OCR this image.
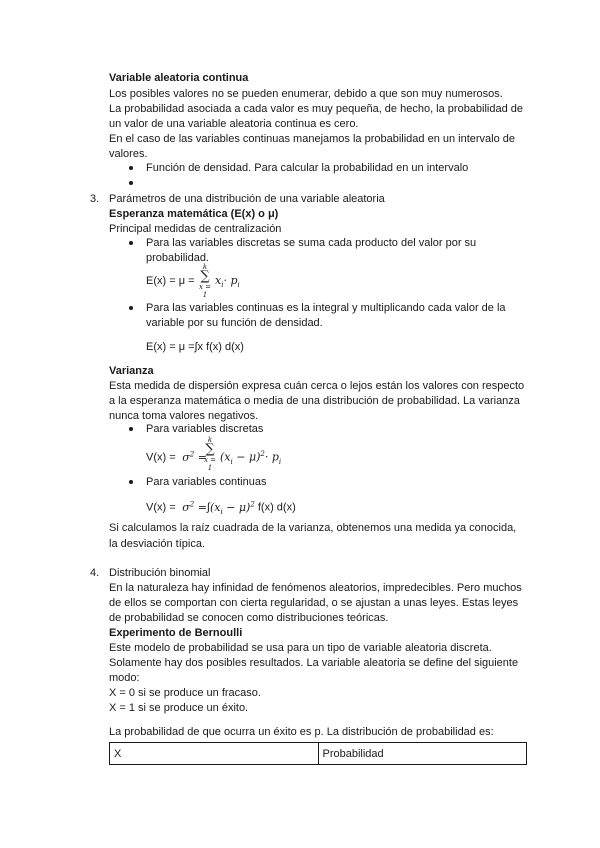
Variable aleatoria continua
Los posibles valores no se pueden enumerar, debido a que son muy numerosos.
La probabilidad asociada a cada valor es muy pequeña, de hecho, la probabilidad de
un valor de una variable aleatoria continua es cero.
En el caso de las variables continuas manejamos la probabilidad en un intervalo de
valores.
Función de densidad. Para calcular la probabilidad en un intervalo
3. Parámetros de una distribución de una variable aleatoria
Esperanza matemática (E(x) o μ)
Principal medidas de centralización
Para las variables discretas se suma cada producto del valor por su
probabilidad.
E(x) = μ =
k
∑
x = 1
$x_i\cdot p_i$
Para las variables continuas es la integral y multiplicando cada valor de la
variable por su función de densidad.
E(x) = μ =∫x f(x) d(x)
Varianza
Esta medida de dispersión expresa cuán cerca o lejos están los valores con respecto
a la esperanza matemática o media de una distribución de probabilidad. La varianza
nunca toma valores negativos.
Para variables discretas
$V(x) = \sigma^2$ =
k
∑
x = 1
$(x_i - \mu)^2\cdot p_i$
Para variables continuas
$V(x) = \sigma^2 =\int(x_i - \mu)^2$ f(x) d(x)
Si calculamos la raíz cuadrada de la varianza, obtenemos una medida ya conocida,
la desviación típica.
4. Distribución binomial
En la naturaleza hay infinidad de fenómenos aleatorios, impredecibles. Pero muchos
de ellos se comportan con cierta regularidad, o se ajustan a unas leyes. Estas leyes
de probabilidad se conocen como distribuciones teóricas.
Experimento de Bernoulli
Este modelo de probabilidad se usa para un tipo de variable aleatoria discreta.
Solamente hay dos posibles resultados. La variable aleatoria se define del siguiente
modo:
X = 0 si se produce un fracaso.
X = 1 si se produce un éxito.
La probabilidad de que ocurra un éxito es p. La distribución de probabilidad es:
X	Probabilidad
